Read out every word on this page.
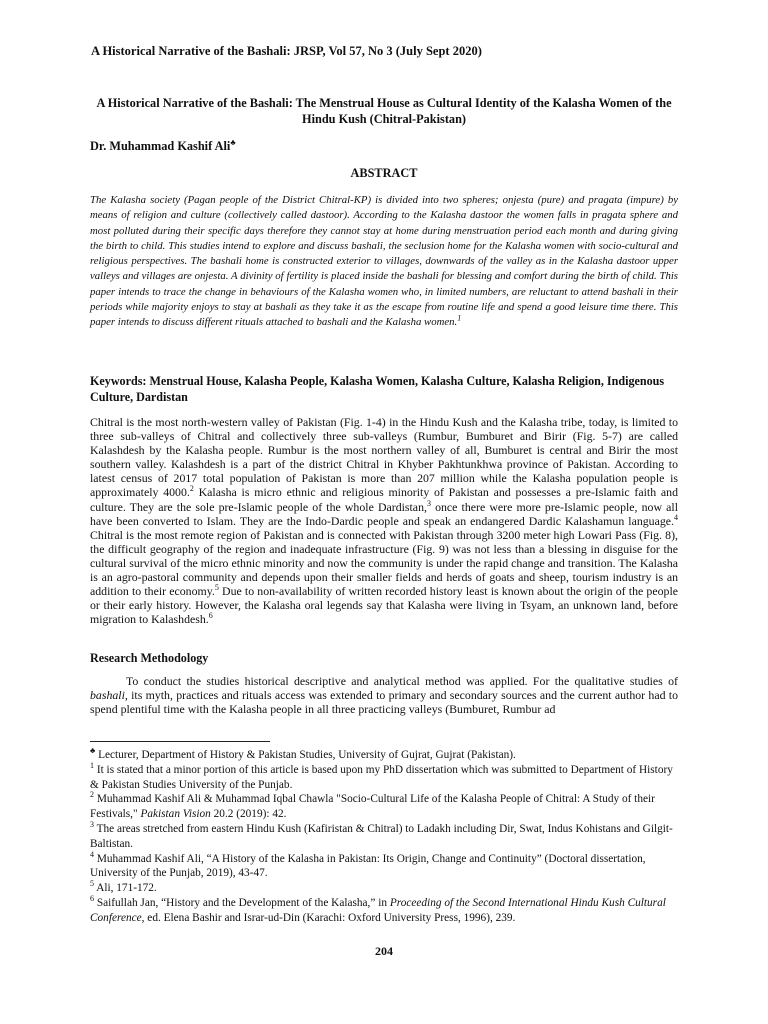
A Historical Narrative of the Bashali: JRSP, Vol 57, No 3 (July Sept 2020)
A Historical Narrative of the Bashali: The Menstrual House as Cultural Identity of the Kalasha Women of the Hindu Kush (Chitral-Pakistan)
Dr. Muhammad Kashif Ali♣
ABSTRACT
The Kalasha society (Pagan people of the District Chitral-KP) is divided into two spheres; onjesta (pure) and pragata (impure) by means of religion and culture (collectively called dastoor). According to the Kalasha dastoor the women falls in pragata sphere and most polluted during their specific days therefore they cannot stay at home during menstruation period each month and during giving the birth to child. This studies intend to explore and discuss bashali, the seclusion home for the Kalasha women with socio-cultural and religious perspectives. The bashali home is constructed exterior to villages, downwards of the valley as in the Kalasha dastoor upper valleys and villages are onjesta. A divinity of fertility is placed inside the bashali for blessing and comfort during the birth of child. This paper intends to trace the change in behaviours of the Kalasha women who, in limited numbers, are reluctant to attend bashali in their periods while majority enjoys to stay at bashali as they take it as the escape from routine life and spend a good leisure time there. This paper intends to discuss different rituals attached to bashali and the Kalasha women.$^1$
Keywords: Menstrual House, Kalasha People, Kalasha Women, Kalasha Culture, Kalasha Religion, Indigenous Culture, Dardistan
Chitral is the most north-western valley of Pakistan (Fig. 1-4) in the Hindu Kush and the Kalasha tribe, today, is limited to three sub-valleys of Chitral and collectively three sub-valleys (Rumbur, Bumburet and Birir (Fig. 5-7) are called Kalashdesh by the Kalasha people. Rumbur is the most northern valley of all, Bumburet is central and Birir the most southern valley. Kalashdesh is a part of the district Chitral in Khyber Pakhtunkhwa province of Pakistan. According to latest census of 2017 total population of Pakistan is more than 207 million while the Kalasha population people is approximately 4000.$^2$ Kalasha is micro ethnic and religious minority of Pakistan and possesses a pre-Islamic faith and culture. They are the sole pre-Islamic people of the whole Dardistan,$^3$ once there were more pre-Islamic people, now all have been converted to Islam. They are the Indo-Dardic people and speak an endangered Dardic Kalashamun language.$^4$ Chitral is the most remote region of Pakistan and is connected with Pakistan through 3200 meter high Lowari Pass (Fig. 8), the difficult geography of the region and inadequate infrastructure (Fig. 9) was not less than a blessing in disguise for the cultural survival of the micro ethnic minority and now the community is under the rapid change and transition. The Kalasha is an agro-pastoral community and depends upon their smaller fields and herds of goats and sheep, tourism industry is an addition to their economy.$^5$ Due to non-availability of written recorded history least is known about the origin of the people or their early history. However, the Kalasha oral legends say that Kalasha were living in Tsyam, an unknown land, before migration to Kalashdesh.$^6$
Research Methodology
To conduct the studies historical descriptive and analytical method was applied. For the qualitative studies of bashali, its myth, practices and rituals access was extended to primary and secondary sources and the current author had to spend plentiful time with the Kalasha people in all three practicing valleys (Bumburet, Rumbur ad

♣ Lecturer, Department of History & Pakistan Studies, University of Gujrat, Gujrat (Pakistan).

$^1$ It is stated that a minor portion of this article is based upon my PhD dissertation which was submitted to Department of History & Pakistan Studies University of the Punjab.

$^2$ Muhammad Kashif Ali & Muhammad Iqbal Chawla "Socio-Cultural Life of the Kalasha People of Chitral: A Study of their Festivals," Pakistan Vision 20.2 (2019): 42.

$^3$ The areas stretched from eastern Hindu Kush (Kafiristan & Chitral) to Ladakh including Dir, Swat, Indus Kohistans and Gilgit-Baltistan.

$^4$ Muhammad Kashif Ali, “A History of the Kalasha in Pakistan: Its Origin, Change and Continuity” (Doctoral dissertation, University of the Punjab, 2019), 43-47.

$^5$ Ali, 171-172.

$^6$ Saifullah Jan, “History and the Development of the Kalasha,” in Proceeding of the Second International Hindu Kush Cultural Conference, ed. Elena Bashir and Israr-ud-Din (Karachi: Oxford University Press, 1996), 239.

204
